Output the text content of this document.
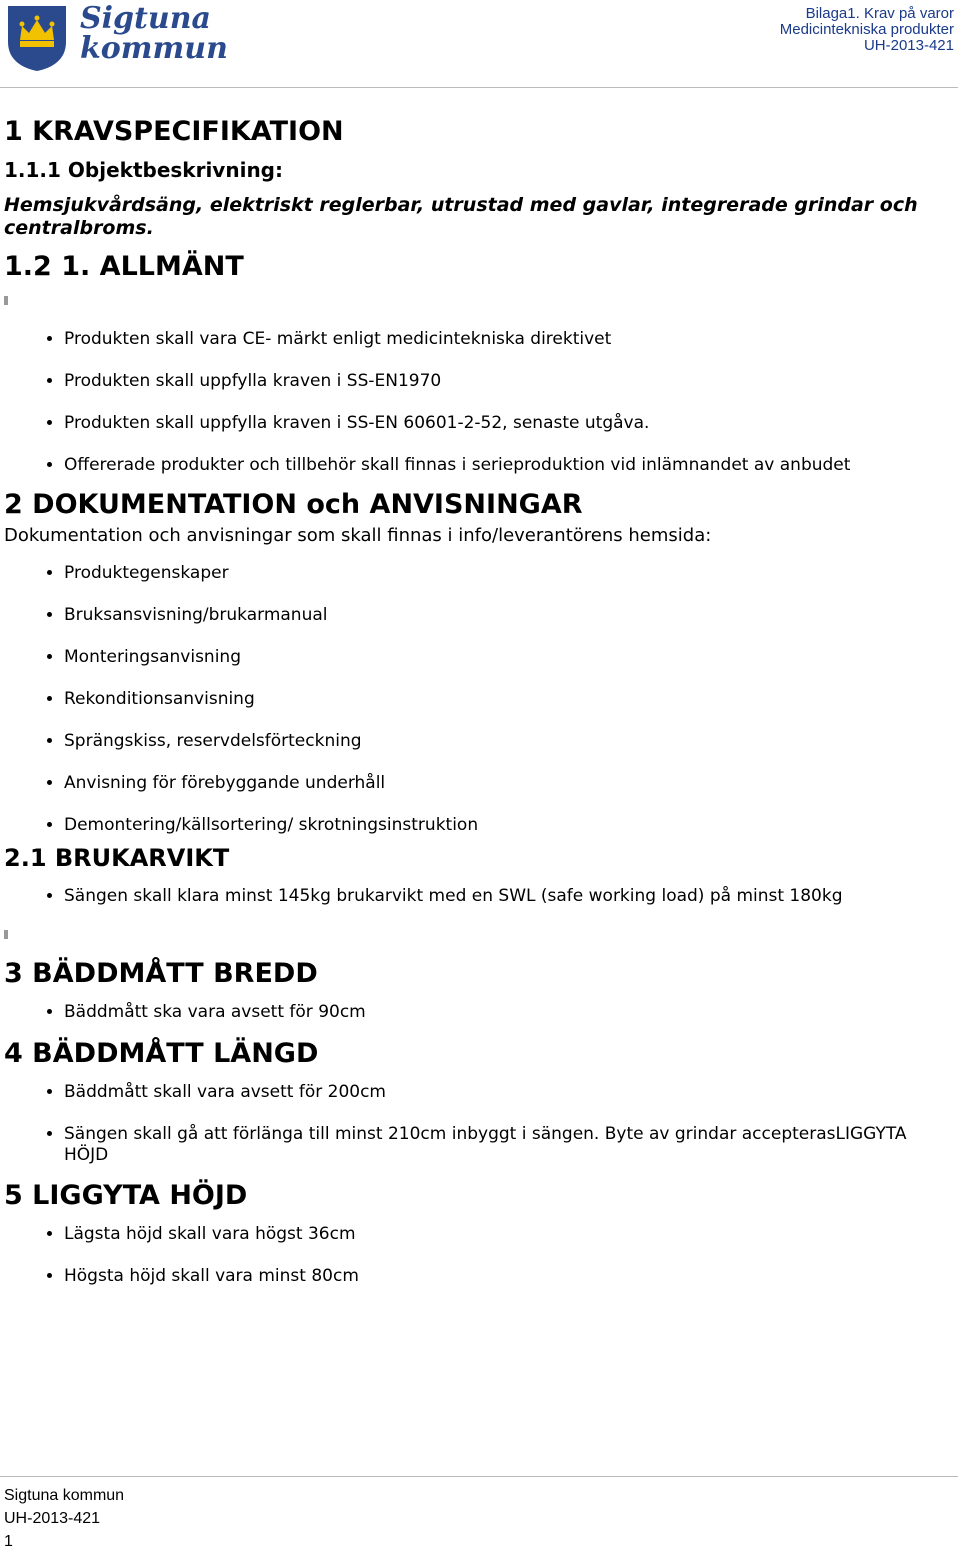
Sigtuna
kommun
Bilaga1. Krav på varor
Medicintekniska produkter
UH-2013-421
1 KRAVSPECIFIKATION
1.1.1 Objektbeskrivning:

Hemsjukvårdsäng, elektriskt reglerbar, utrustad med gavlar, integrerade grindar och centralbroms.

1.2 1. ALLMÄNT
• Produkten skall vara CE- märkt enligt medicintekniska direktivet
• Produkten skall uppfylla kraven i SS-EN1970
• Produkten skall uppfylla kraven i SS-EN 60601-2-52, senaste utgåva.
• Offererade produkter och tillbehör skall finnas i serieproduktion vid inlämnandet av anbudet
2 DOKUMENTATION och ANVISNINGAR

Dokumentation och anvisningar som skall finnas i info/leverantörens hemsida:

• Produktegenskaper
• Bruksansvisning/brukarmanual
• Monteringsanvisning
• Rekonditionsanvisning
• Sprängskiss, reservdelsförteckning
• Anvisning för förebyggande underhåll
• Demontering/källsortering/ skrotningsinstruktion
2.1 BRUKARVIKT
• Sängen skall klara minst 145kg brukarvikt med en SWL (safe working load) på minst 180kg
3 BÄDDMÅTT BREDD
• Bäddmått ska vara avsett för 90cm
4 BÄDDMÅTT LÄNGD
• Bäddmått skall vara avsett för 200cm
• Sängen skall gå att förlänga till minst 210cm inbyggt i sängen. Byte av grindar accepterasLIGGYTA HÖJD
5 LIGGYTA HÖJD
• Lägsta höjd skall vara högst 36cm
• Högsta höjd skall vara minst 80cm
Sigtuna kommun
UH-2013-421
1
